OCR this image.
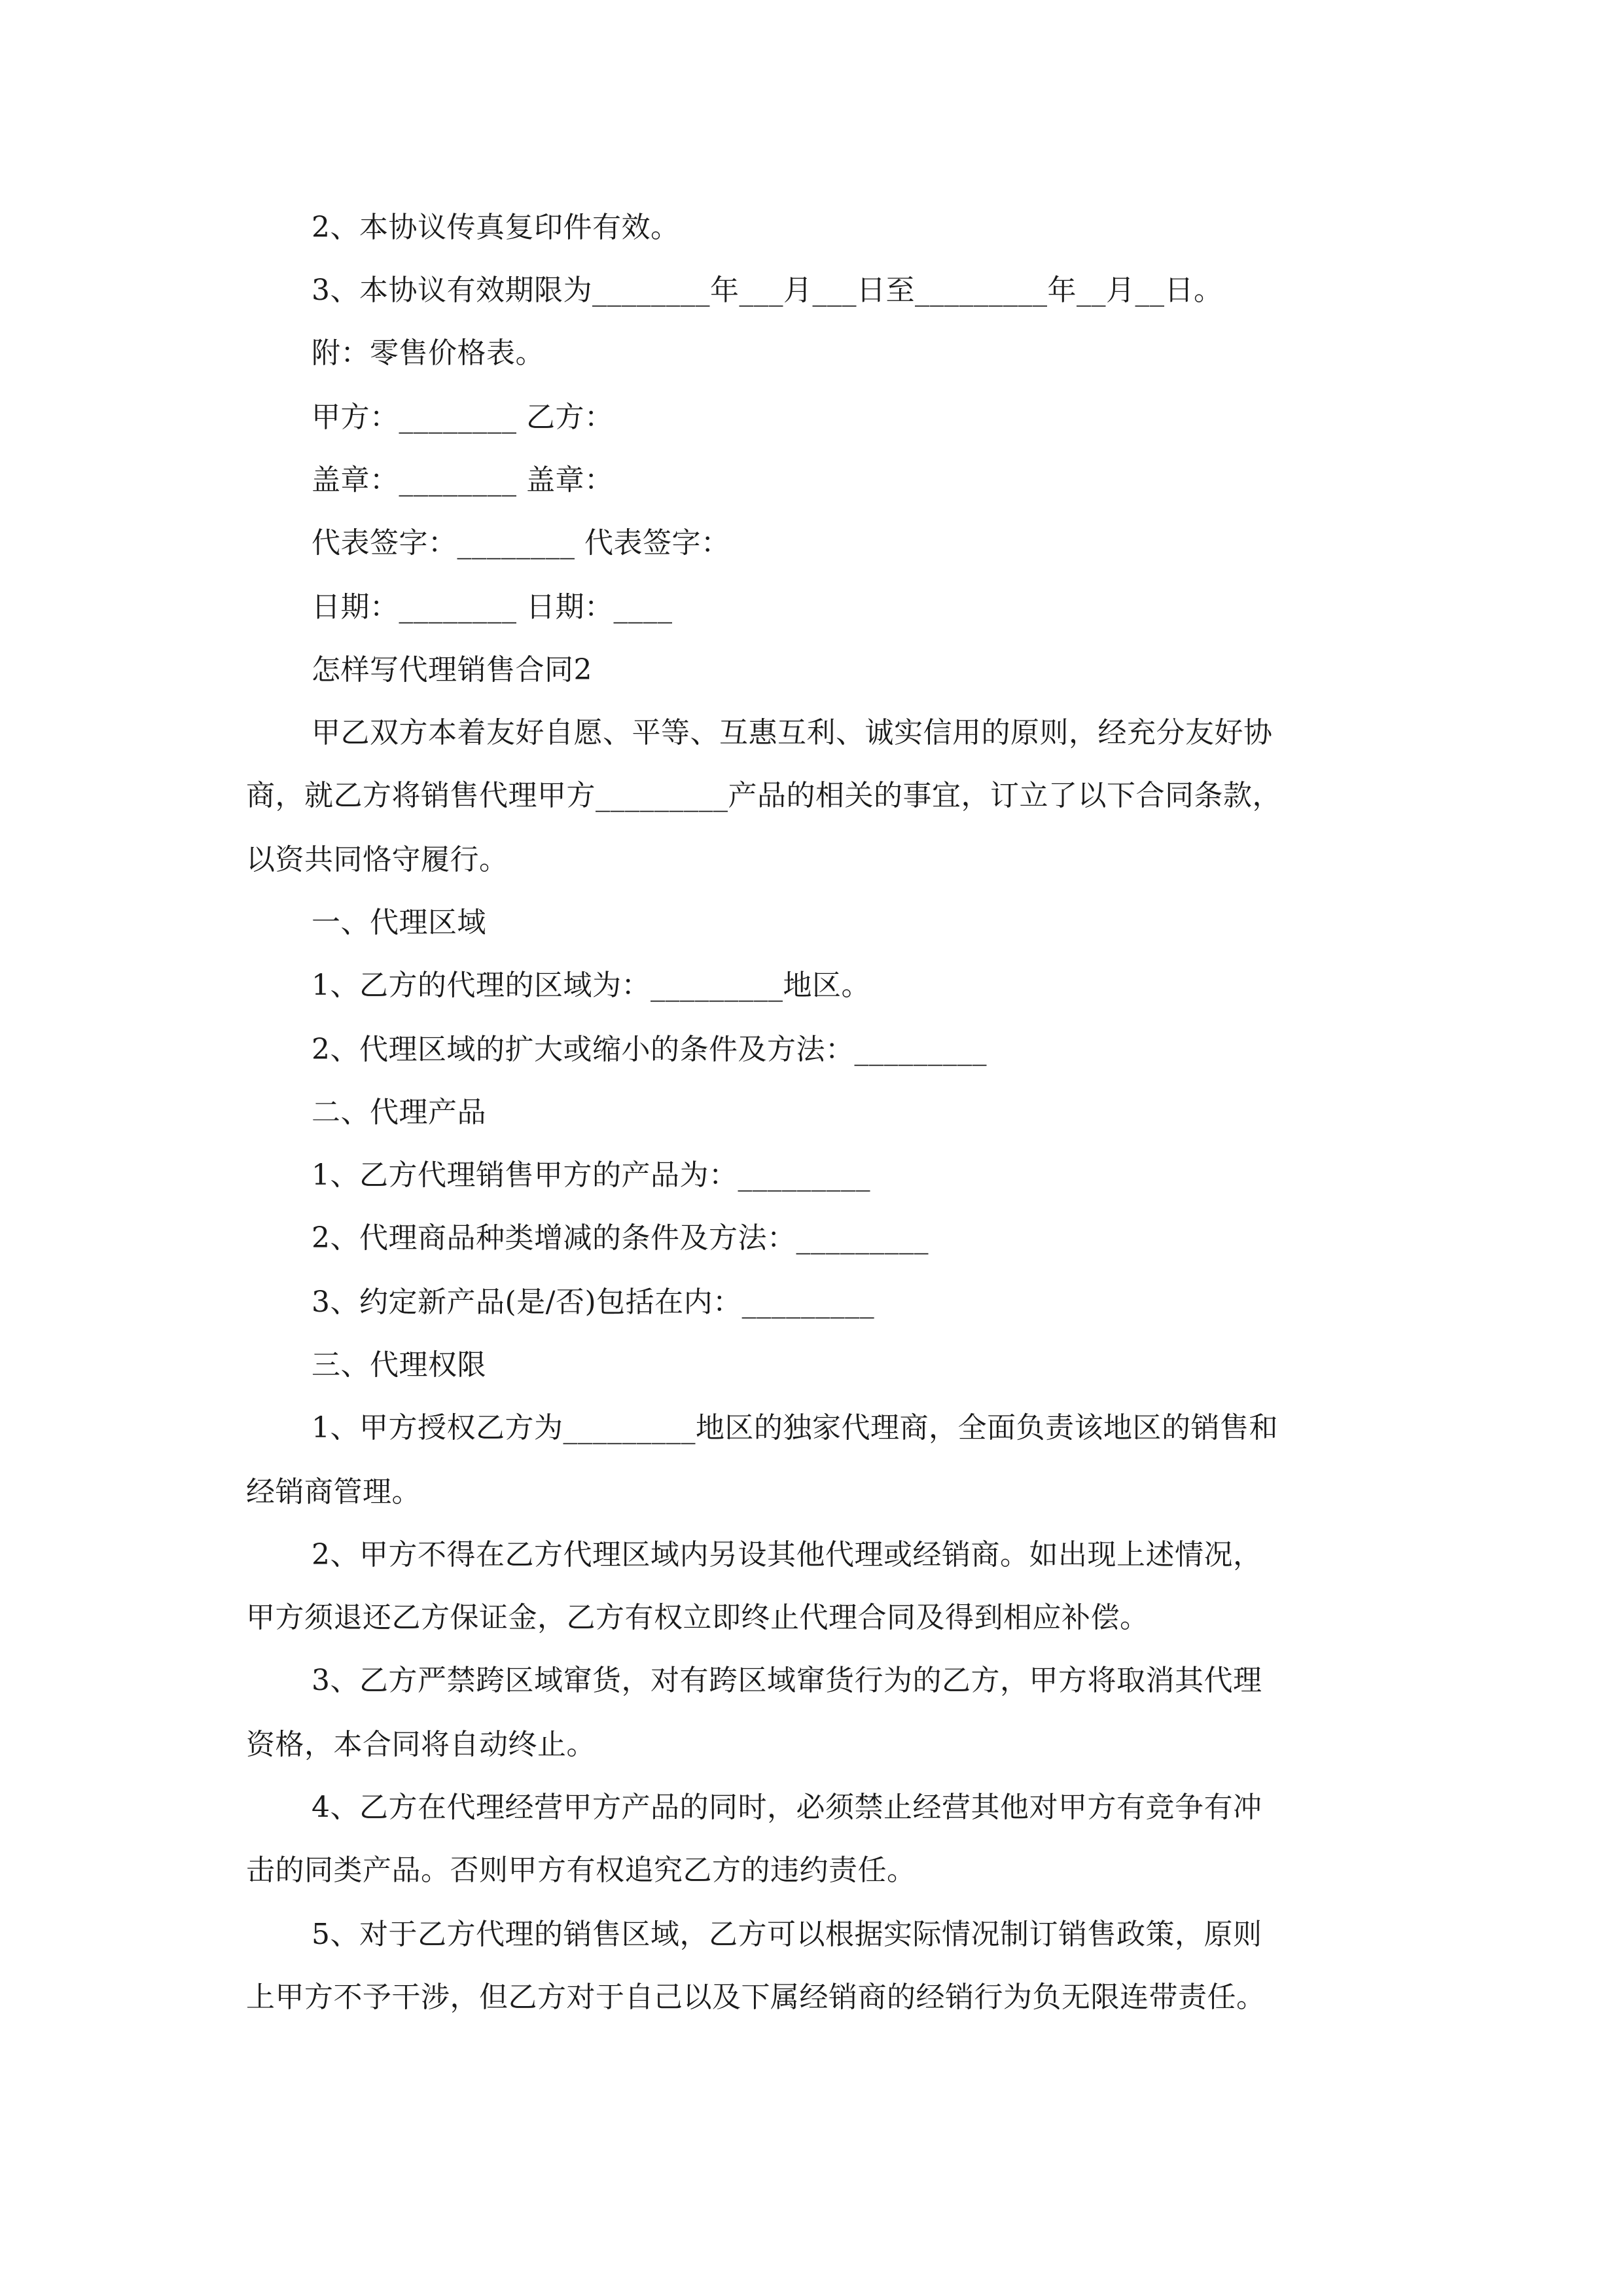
2、本协议传真复印件有效。
3、本协议有效期限为________年___月___日至_________年__月__日。
附：零售价格表。
甲方：________ 乙方：
盖章：________ 盖章：
代表签字：________ 代表签字：
日期：________ 日期：____
怎样写代理销售合同2
甲乙双方本着友好自愿、平等、互惠互利、诚实信用的原则，经充分友好协
商，就乙方将销售代理甲方_________产品的相关的事宜，订立了以下合同条款，
以资共同恪守履行。
一、代理区域
1、乙方的代理的区域为：_________地区。
2、代理区域的扩大或缩小的条件及方法：_________
二、代理产品
1、乙方代理销售甲方的产品为：_________
2、代理商品种类增减的条件及方法：_________
3、约定新产品(是/否)包括在内：_________
三、代理权限
1、甲方授权乙方为_________地区的独家代理商，全面负责该地区的销售和
经销商管理。
2、甲方不得在乙方代理区域内另设其他代理或经销商。如出现上述情况，
甲方须退还乙方保证金，乙方有权立即终止代理合同及得到相应补偿。
3、乙方严禁跨区域窜货，对有跨区域窜货行为的乙方，甲方将取消其代理
资格，本合同将自动终止。
4、乙方在代理经营甲方产品的同时，必须禁止经营其他对甲方有竞争有冲
击的同类产品。否则甲方有权追究乙方的违约责任。
5、对于乙方代理的销售区域，乙方可以根据实际情况制订销售政策，原则
上甲方不予干涉，但乙方对于自己以及下属经销商的经销行为负无限连带责任。
